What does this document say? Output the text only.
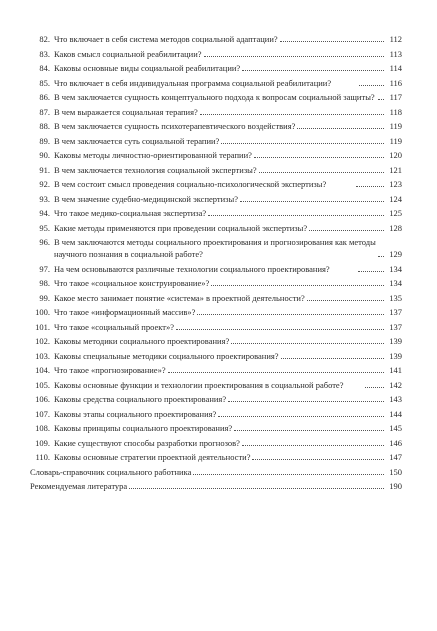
82. Что включает в себя система методов социальной адаптации?	112
83. Каков смысл социальной реабилитации?	113
84. Каковы основные виды социальной реабилитации?	114
85. Что включает в себя индивидуальная программа социальной реабилитации?	116
86. В чем заключается сущность концептуального подхода к вопросам социальной защиты?	117
87. В чем выражается социальная терапия?	118
88. В чем заключается сущность психотерапевтического воздействия?	119
89. В чем заключается суть социальной терапии?	119
90. Каковы методы личностно-ориентированной терапии?	120
91. В чем заключается технология социальной экспертизы?	121
92. В чем состоит смысл проведения социально-психологической экспертизы?	123
93. В чем значение судебно-медицинской экспертизы?	124
94. Что такое медико-социальная экспертиза?	125
95. Какие методы применяются при проведении социальной экспертизы?	128
96. В чем заключаются методы социального проектирования и прогнозирования как методы научного познания в социальной работе?	129
97. На чем основываются различные технологии социального проектирования?	134
98. Что такое «социальное конструирование»?	134
99. Какое место занимает понятие «система» в проектной деятельности?	135
100. Что такое «информационный массив»?	137
101. Что такое «социальный проект»?	137
102. Каковы методики социального проектирования?	139
103. Каковы специальные методики социального проектирования?	139
104. Что такое «прогнозирование»?	141
105. Каковы основные функции и технологии проектирования в социальной работе?	142
106. Каковы средства социального проектирования?	143
107. Каковы этапы социального проектирования?	144
108. Каковы принципы социального проектирования?	145
109. Какие существуют способы разработки прогнозов?	146
110. Каковы основные стратегии проектной деятельности?	147
Словарь-справочник социального работника	150
Рекомендуемая литература	190
